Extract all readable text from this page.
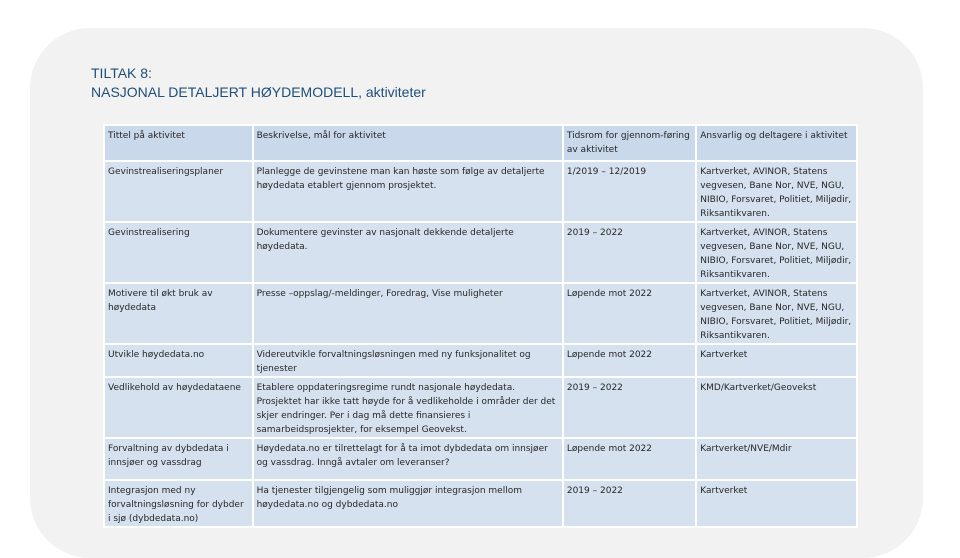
TILTAK 8:
NASJONAL DETALJERT HØYDEMODELL, aktiviteter
Tittel på aktivitet	Beskrivelse, mål for aktivitet	Tidsrom for gjennom-føring av aktivitet	Ansvarlig og deltagere i aktivitet
Gevinstrealiseringsplaner	Planlegge de gevinstene man kan høste som følge av detaljerte høydedata etablert gjennom prosjektet.	1/2019 – 12/2019	Kartverket, AVINOR, Statens vegvesen, Bane Nor, NVE, NGU, NIBIO, Forsvaret, Politiet, Miljødir, Riksantikvaren.
Gevinstrealisering	Dokumentere gevinster av nasjonalt dekkende detaljerte høydedata.	2019 – 2022	Kartverket, AVINOR, Statens vegvesen, Bane Nor, NVE, NGU, NIBIO, Forsvaret, Politiet, Miljødir, Riksantikvaren.
Motivere til økt bruk av høydedata	Presse –oppslag/-meldinger, Foredrag, Vise muligheter	Løpende mot 2022	Kartverket, AVINOR, Statens vegvesen, Bane Nor, NVE, NGU, NIBIO, Forsvaret, Politiet, Miljødir, Riksantikvaren.
Utvikle høydedata.no	Videreutvikle forvaltningsløsningen med ny funksjonalitet og tjenester	Løpende mot 2022	Kartverket
Vedlikehold av høydedataene	Etablere oppdateringsregime rundt nasjonale høydedata. Prosjektet har ikke tatt høyde for å vedlikeholde i områder der det skjer endringer. Per i dag må dette finansieres i samarbeidsprosjekter, for eksempel Geovekst.	2019 – 2022	KMD/Kartverket/Geovekst
Forvaltning av dybdedata i innsjøer og vassdrag	Høydedata.no er tilrettelagt for å ta imot dybdedata om innsjøer og vassdrag. Inngå avtaler om leveranser?	Løpende mot 2022	Kartverket/NVE/Mdir
Integrasjon med ny forvaltningsløsning for dybder i sjø (dybdedata.no)	Ha tjenester tilgjengelig som muliggjør integrasjon mellom høydedata.no og dybdedata.no	2019 – 2022	Kartverket
